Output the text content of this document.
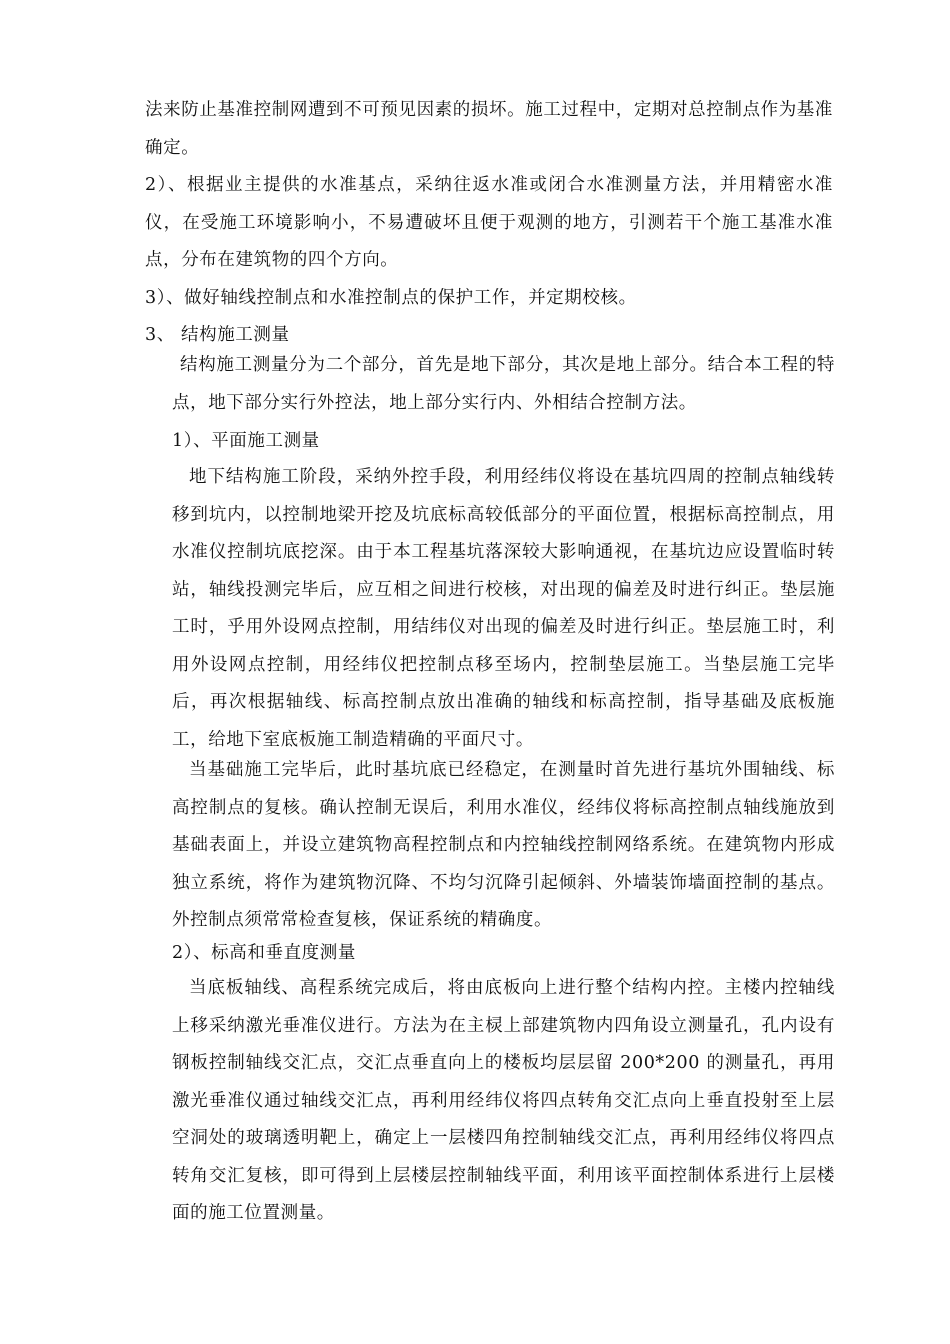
法来防止基准控制网遭到不可预见因素的损坏。施工过程中，定期对总控制点作为基准确定。

2）、根据业主提供的水准基点，采纳往返水准或闭合水准测量方法，并用精密水准仪，在受施工环境影响小，不易遭破坏且便于观测的地方，引测若干个施工基准水准点，分布在建筑物的四个方向。

3）、做好轴线控制点和水准控制点的保护工作，并定期校核。

3、 结构施工测量

结构施工测量分为二个部分，首先是地下部分，其次是地上部分。结合本工程的特点，地下部分实行外控法，地上部分实行内、外相结合控制方法。

1）、平面施工测量

地下结构施工阶段，采纳外控手段，利用经纬仪将设在基坑四周的控制点轴线转移到坑内，以控制地梁开挖及坑底标高较低部分的平面位置，根据标高控制点，用水准仪控制坑底挖深。由于本工程基坑落深较大影响通视，在基坑边应设置临时转站，轴线投测完毕后，应互相之间进行校核，对出现的偏差及时进行纠正。垫层施工时，乎用外设网点控制，用结纬仪对出现的偏差及时进行纠正。垫层施工时，利用外设网点控制，用经纬仪把控制点移至场内，控制垫层施工。当垫层施工完毕后，再次根据轴线、标高控制点放出准确的轴线和标高控制，指导基础及底板施工，给地下室底板施工制造精确的平面尺寸。

当基础施工完毕后，此时基坑底已经稳定，在测量时首先进行基坑外围轴线、标高控制点的复核。确认控制无误后，利用水准仪，经纬仪将标高控制点轴线施放到基础表面上，并设立建筑物高程控制点和内控轴线控制网络系统。在建筑物内形成独立系统，将作为建筑物沉降、不均匀沉降引起倾斜、外墙装饰墙面控制的基点。外控制点须常常检查复核，保证系统的精确度。

2）、标高和垂直度测量

当底板轴线、高程系统完成后，将由底板向上进行整个结构内控。主楼内控轴线上移采纳激光垂准仪进行。方法为在主棂上部建筑物内四角设立测量孔，孔内设有钢板控制轴线交汇点，交汇点垂直向上的楼板均层层留 200*200 的测量孔，再用激光垂准仪通过轴线交汇点，再利用经纬仪将四点转角交汇点向上垂直投射至上层空洞处的玻璃透明靶上，确定上一层楼四角控制轴线交汇点，再利用经纬仪将四点转角交汇复核，即可得到上层楼层控制轴线平面，利用该平面控制体系进行上层楼面的施工位置测量。
